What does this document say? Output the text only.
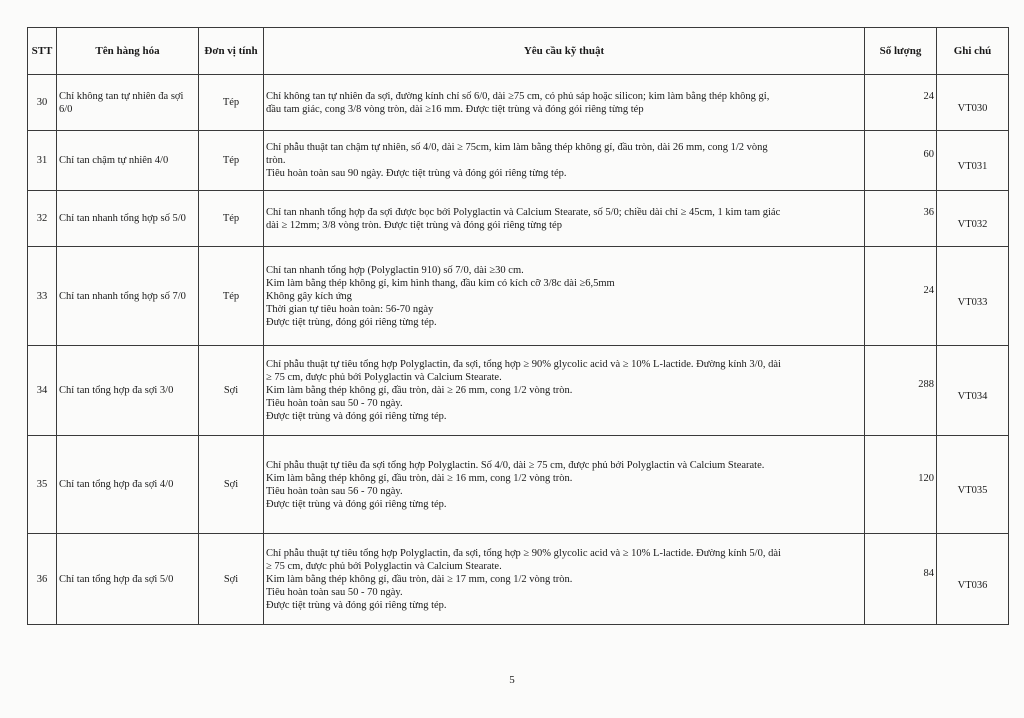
STT	Tên hàng hóa	Đơn vị tính	Yêu cầu kỹ thuật	Số lượng	Ghi chú
30	Chỉ không tan tự nhiên đa sợi 6/0	Tép	Chỉ không tan tự nhiên đa sợi, đường kính chỉ số 6/0, dài ≥75 cm, có phủ sáp hoặc silicon; kim làm bằng thép không gỉ,
đầu tam giác, cong 3/8 vòng tròn, dài ≥16 mm. Được tiệt trùng và đóng gói riêng từng tép	24	VT030
31	Chỉ tan chậm tự nhiên 4/0	Tép	Chỉ phẫu thuật tan chậm tự nhiên, số 4/0, dài ≥ 75cm, kim làm bằng thép không gỉ, đầu tròn, dài 26 mm, cong 1/2 vòng
tròn.
Tiêu hoàn toàn sau 90 ngày. Được tiệt trùng và đóng gói riêng từng tép.	60	VT031
32	Chỉ tan nhanh tổng hợp số 5/0	Tép	Chỉ tan nhanh tổng hợp đa sợi được bọc bởi Polyglactin và Calcium Stearate, số 5/0; chiều dài chỉ ≥ 45cm, 1 kim tam giác
dài ≥ 12mm; 3/8 vòng tròn. Được tiệt trùng và đóng gói riêng từng tép	36	VT032
33	Chỉ tan nhanh tổng hợp số 7/0	Tép	Chỉ tan nhanh tổng hợp (Polyglactin 910) số 7/0, dài ≥30 cm.
Kim làm bằng thép không gỉ, kim hình thang, đầu kim có kích cỡ 3/8c dài ≥6,5mm
Không gây kích ứng
Thời gian tự tiêu hoàn toàn: 56-70 ngày
Được tiệt trùng, đóng gói riêng từng tép.	24	VT033
34	Chỉ tan tổng hợp đa sợi 3/0	Sợi	Chỉ phẫu thuật tự tiêu tổng hợp Polyglactin, đa sợi, tổng hợp ≥ 90% glycolic acid và ≥ 10% L-lactide. Đường kính 3/0, dài
≥ 75 cm, được phủ bởi Polyglactin và Calcium Stearate.
Kim làm bằng thép không gỉ, đầu tròn, dài ≥ 26 mm, cong 1/2 vòng tròn.
Tiêu hoàn toàn sau 50 - 70 ngày.
Được tiệt trùng và đóng gói riêng từng tép.	288	VT034
35	Chỉ tan tổng hợp đa sợi 4/0	Sợi	Chỉ phẫu thuật tự tiêu đa sợi tổng hợp Polyglactin. Số 4/0, dài ≥ 75 cm, được phủ bởi Polyglactin và Calcium Stearate.
Kim làm bằng thép không gỉ, đầu tròn, dài ≥ 16 mm, cong 1/2 vòng tròn.
Tiêu hoàn toàn sau 56 - 70 ngày.
Được tiệt trùng và đóng gói riêng từng tép.	120	VT035
36	Chỉ tan tổng hợp đa sợi 5/0	Sợi	Chỉ phẫu thuật tự tiêu tổng hợp Polyglactin, đa sợi, tổng hợp ≥ 90% glycolic acid và ≥ 10% L-lactide. Đường kính 5/0, dài
≥ 75 cm, được phủ bởi Polyglactin và Calcium Stearate.
Kim làm bằng thép không gỉ, đầu tròn, dài ≥ 17 mm, cong 1/2 vòng tròn.
Tiêu hoàn toàn sau 50 - 70 ngày.
Được tiệt trùng và đóng gói riêng từng tép.	84	VT036
5
